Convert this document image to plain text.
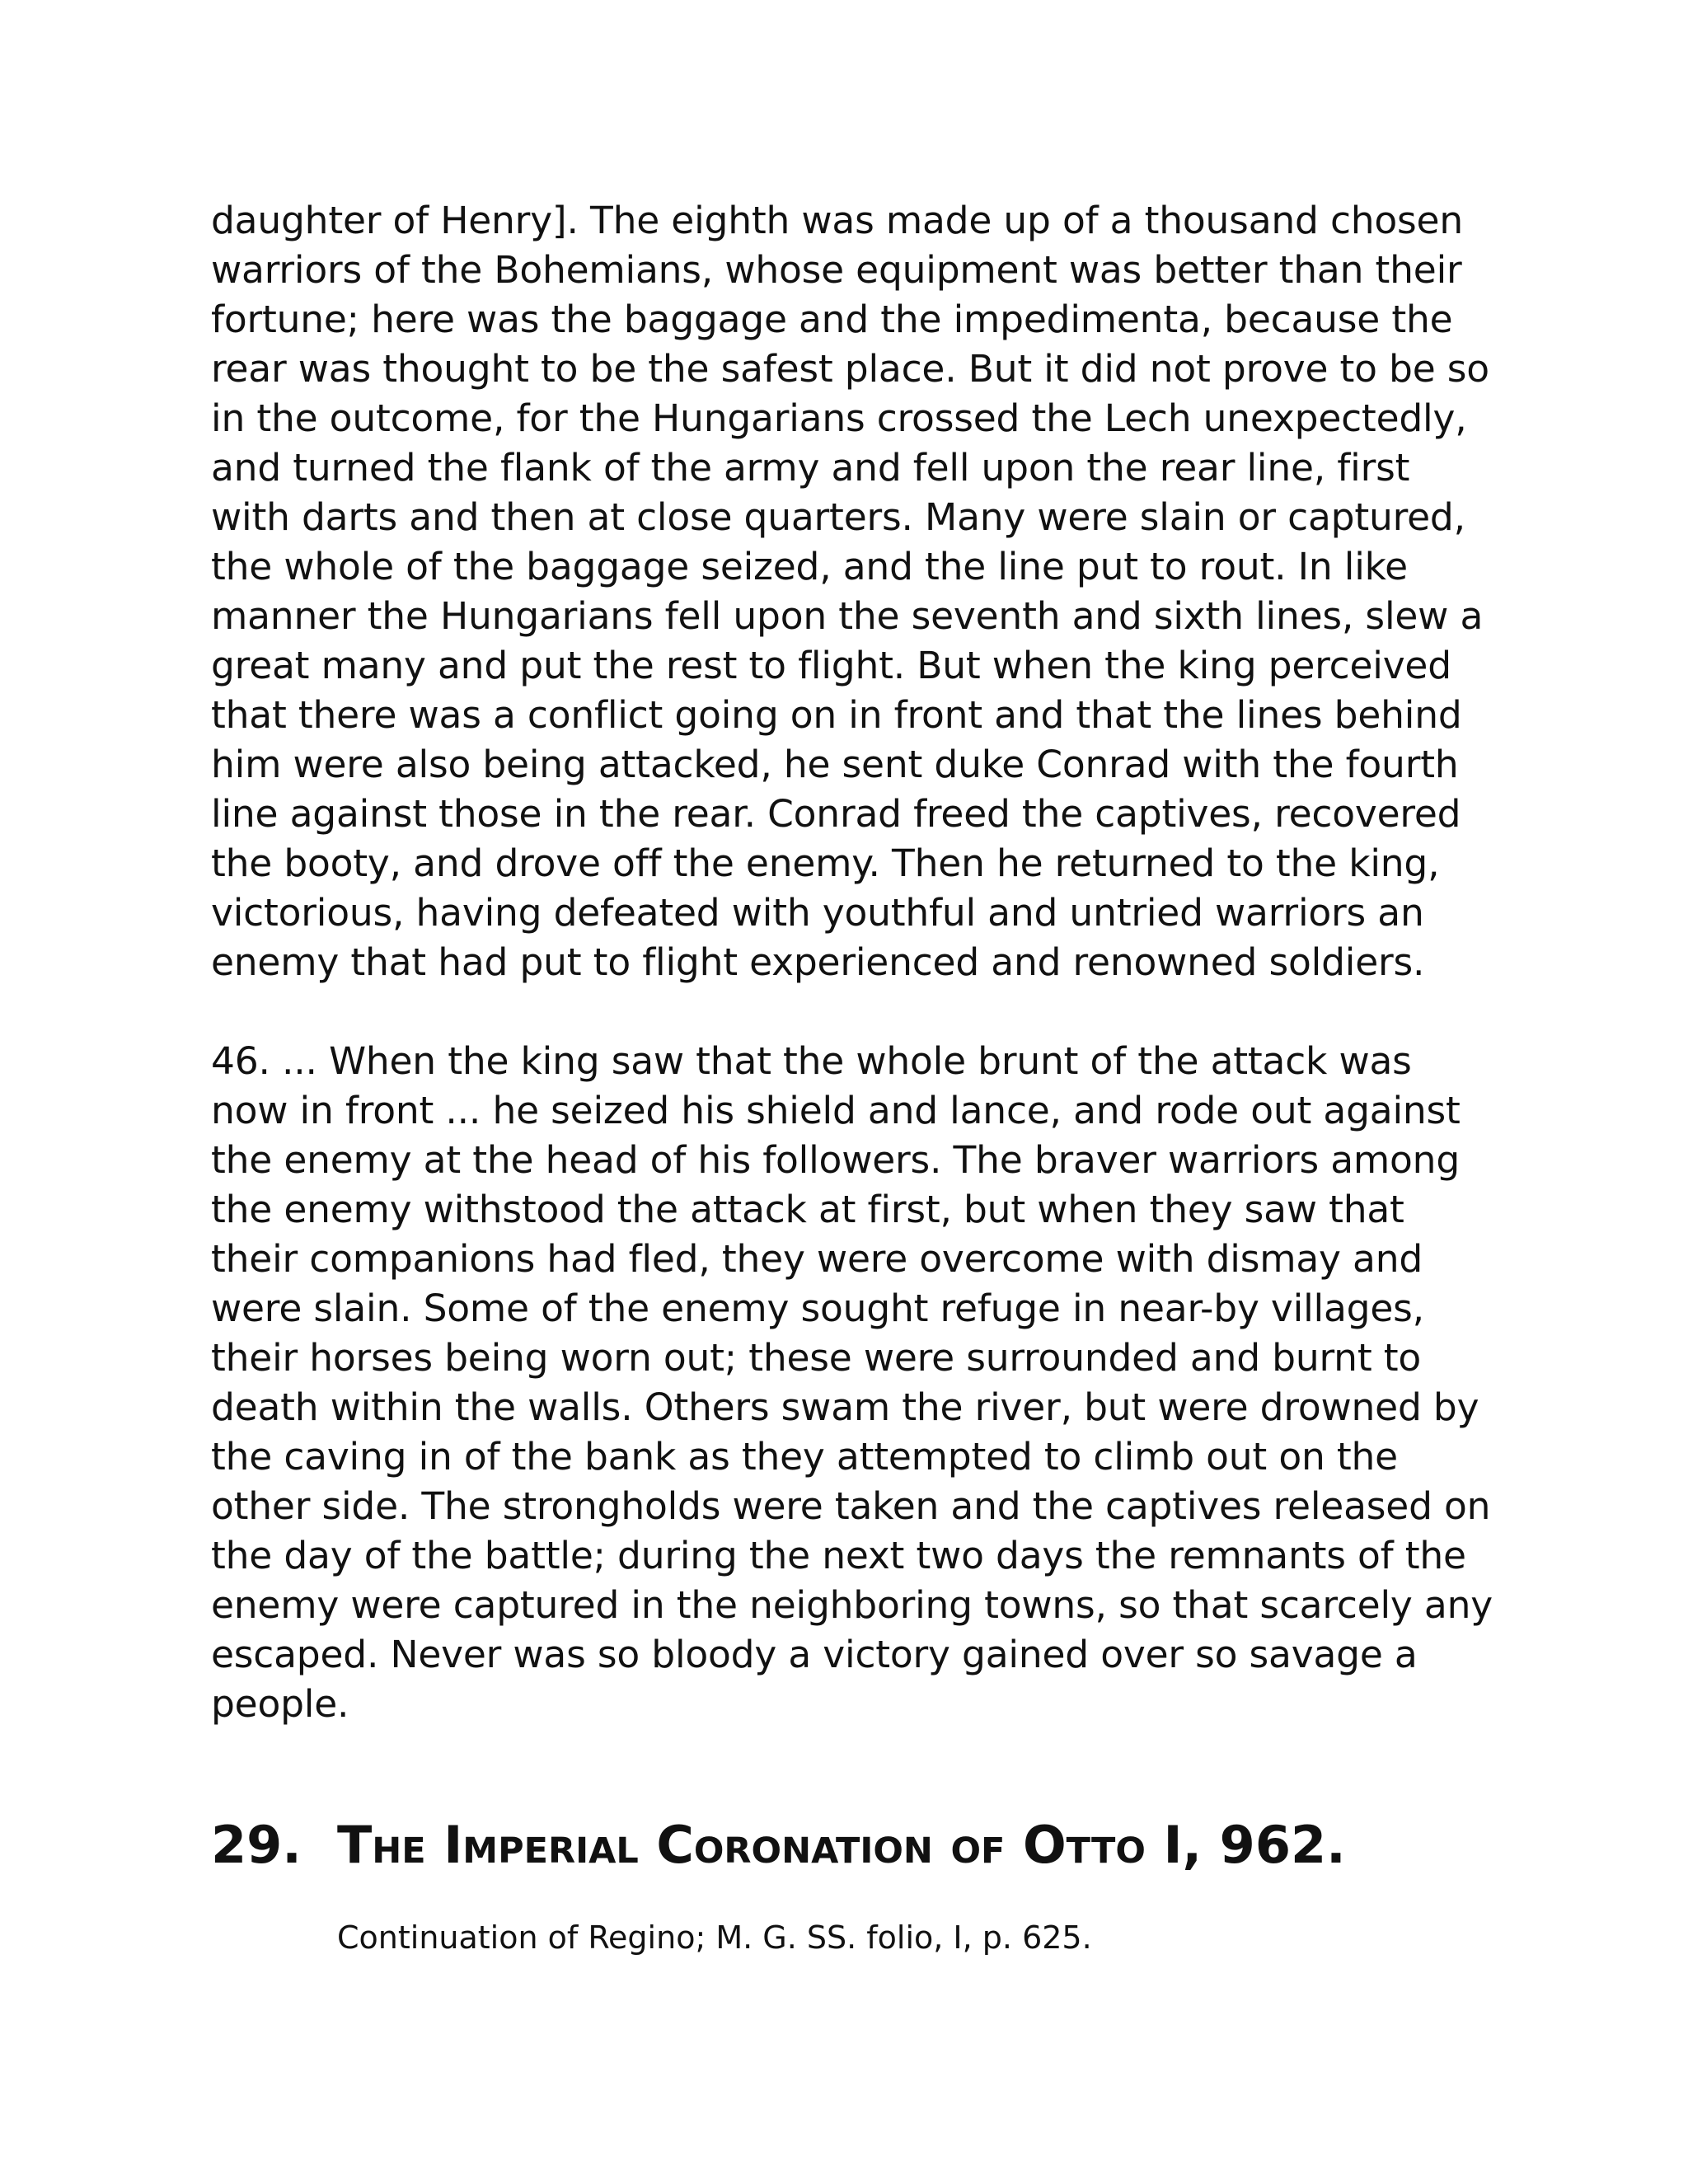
daughter of Henry]. The eighth was made up of a thousand chosen
warriors of the Bohemians, whose equipment was better than their
fortune; here was the baggage and the impedimenta, because the
rear was thought to be the safest place. But it did not prove to be so
in the outcome, for the Hungarians crossed the Lech unexpectedly,
and turned the flank of the army and fell upon the rear line, first
with darts and then at close quarters. Many were slain or captured,
the whole of the baggage seized, and the line put to rout. In like
manner the Hungarians fell upon the seventh and sixth lines, slew a
great many and put the rest to flight. But when the king perceived
that there was a conflict going on in front and that the lines behind
him were also being attacked, he sent duke Conrad with the fourth
line against those in the rear. Conrad freed the captives, recovered
the booty, and drove off the enemy. Then he returned to the king,
victorious, having defeated with youthful and untried warriors an
enemy that had put to flight experienced and renowned soldiers.

46. ... When the king saw that the whole brunt of the attack was
now in front ... he seized his shield and lance, and rode out against
the enemy at the head of his followers. The braver warriors among
the enemy withstood the attack at first, but when they saw that
their companions had fled, they were overcome with dismay and
were slain. Some of the enemy sought refuge in near-by villages,
their horses being worn out; these were surrounded and burnt to
death within the walls. Others swam the river, but were drowned by
the caving in of the bank as they attempted to climb out on the
other side. The strongholds were taken and the captives released on
the day of the battle; during the next two days the remnants of the
enemy were captured in the neighboring towns, so that scarcely any
escaped. Never was so bloody a victory gained over so savage a
people.

29. The Imperial Coronation of Otto I, 962.

Continuation of Regino; M. G. SS. folio, I, p. 625.
